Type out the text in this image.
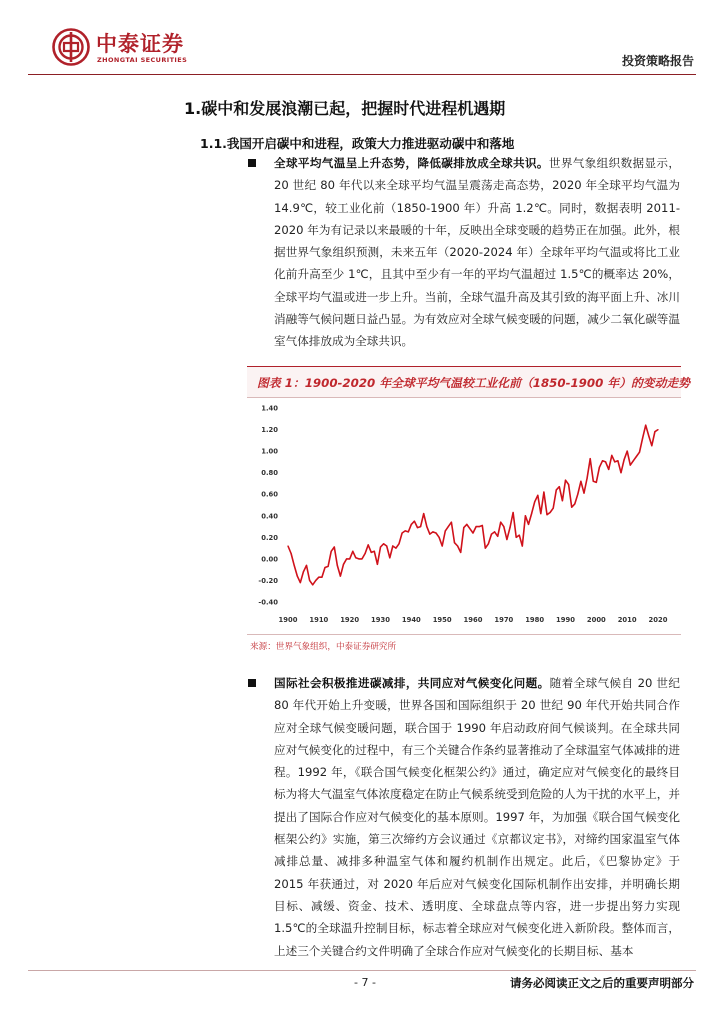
中泰证券
ZHONGTAI SECURITIES	投资策略报告
1.碳中和发展浪潮已起，把握时代进程机遇期
1.1.我国开启碳中和进程，政策大力推进驱动碳中和落地
全球平均气温呈上升态势，降低碳排放成全球共识。世界气象组织数据显示，20 世纪 80 年代以来全球平均气温呈震荡走高态势，2020 年全球平均气温为 14.9℃，较工业化前（1850-1900 年）升高 1.2℃。同时，数据表明 2011-2020 年为有记录以来最暖的十年，反映出全球变暖的趋势正在加强。此外，根据世界气象组织预测，未来五年（2020-2024 年）全球年平均气温或将比工业化前升高至少 1℃，且其中至少有一年的平均气温超过 1.5℃的概率达 20%，全球平均气温或进一步上升。当前，全球气温升高及其引致的海平面上升、冰川消融等气候问题日益凸显。为有效应对全球气候变暖的问题，减少二氧化碳等温室气体排放成为全球共识。
图表 1：1900-2020 年全球平均气温较工业化前（1850-1900 年）的变动走势
-0.40
-0.20
0.00
0.20
0.40
0.60
0.80
1.00
1.20
1.40
1900 1910 1920 1930 1940 1950 1960 1970 1980 1990 2000 2010 2020
来源：世界气象组织，中泰证券研究所
国际社会积极推进碳减排，共同应对气候变化问题。随着全球气候自 20 世纪 80 年代开始上升变暖，世界各国和国际组织于 20 世纪 90 年代开始共同合作应对全球气候变暖问题，联合国于 1990 年启动政府间气候谈判。在全球共同应对气候变化的过程中，有三个关键合作条约显著推动了全球温室气体减排的进程。1992 年，《联合国气候变化框架公约》通过，确定应对气候变化的最终目标为将大气温室气体浓度稳定在防止气候系统受到危险的人为干扰的水平上，并提出了国际合作应对气候变化的基本原则。1997 年，为加强《联合国气候变化框架公约》实施，第三次缔约方会议通过《京都议定书》，对缔约国家温室气体减排总量、减排多种温室气体和履约机制作出规定。此后，《巴黎协定》于 2015 年获通过，对 2020 年后应对气候变化国际机制作出安排，并明确长期目标、减缓、资金、技术、透明度、全球盘点等内容，进一步提出努力实现 1.5℃的全球温升控制目标，标志着全球应对气候变化进入新阶段。整体而言，上述三个关键合约文件明确了全球合作应对气候变化的长期目标、基本
- 7 -	请务必阅读正文之后的重要声明部分
